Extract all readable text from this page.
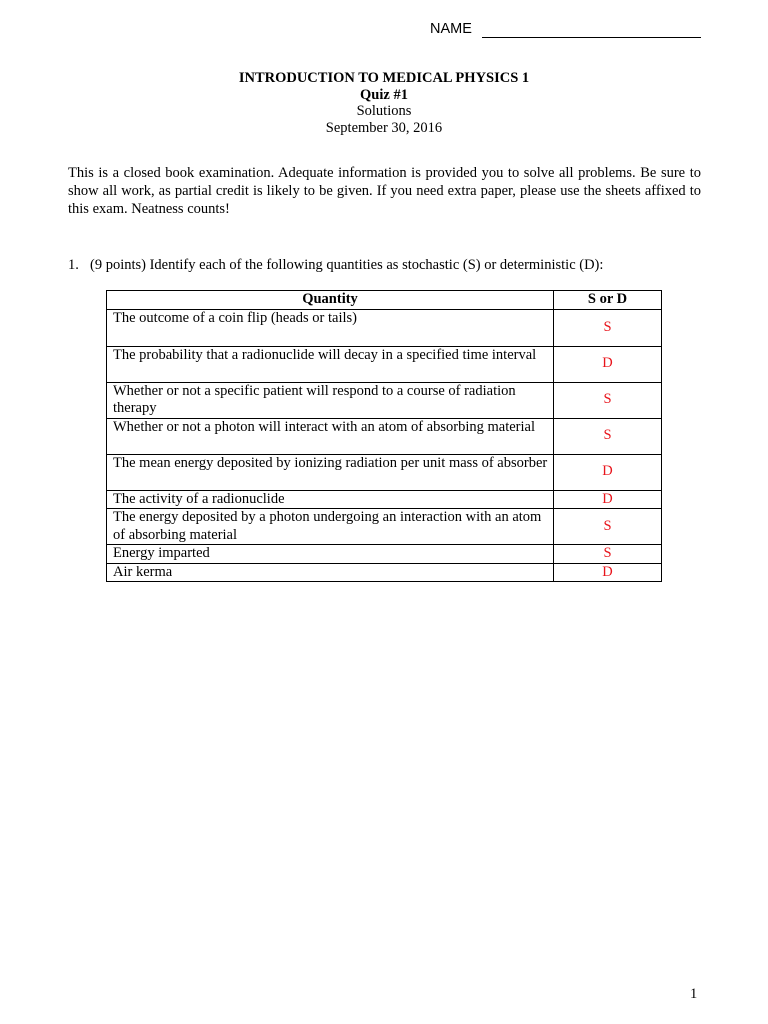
NAME
INTRODUCTION TO MEDICAL PHYSICS 1
Quiz #1
Solutions
September 30, 2016
This is a closed book examination. Adequate information is provided you to solve all problems. Be sure to show all work, as partial credit is likely to be given. If you need extra paper, please use the sheets affixed to this exam. Neatness counts!
1. (9 points) Identify each of the following quantities as stochastic (S) or deterministic (D):
Quantity	S or D
The outcome of a coin flip (heads or tails)	S
The probability that a radionuclide will decay in a specified time interval	D
Whether or not a specific patient will respond to a course of radiation therapy	S
Whether or not a photon will interact with an atom of absorbing material	S
The mean energy deposited by ionizing radiation per unit mass of absorber	D
The activity of a radionuclide	D
The energy deposited by a photon undergoing an interaction with an atom of absorbing material	S
Energy imparted	S
Air kerma	D
1
